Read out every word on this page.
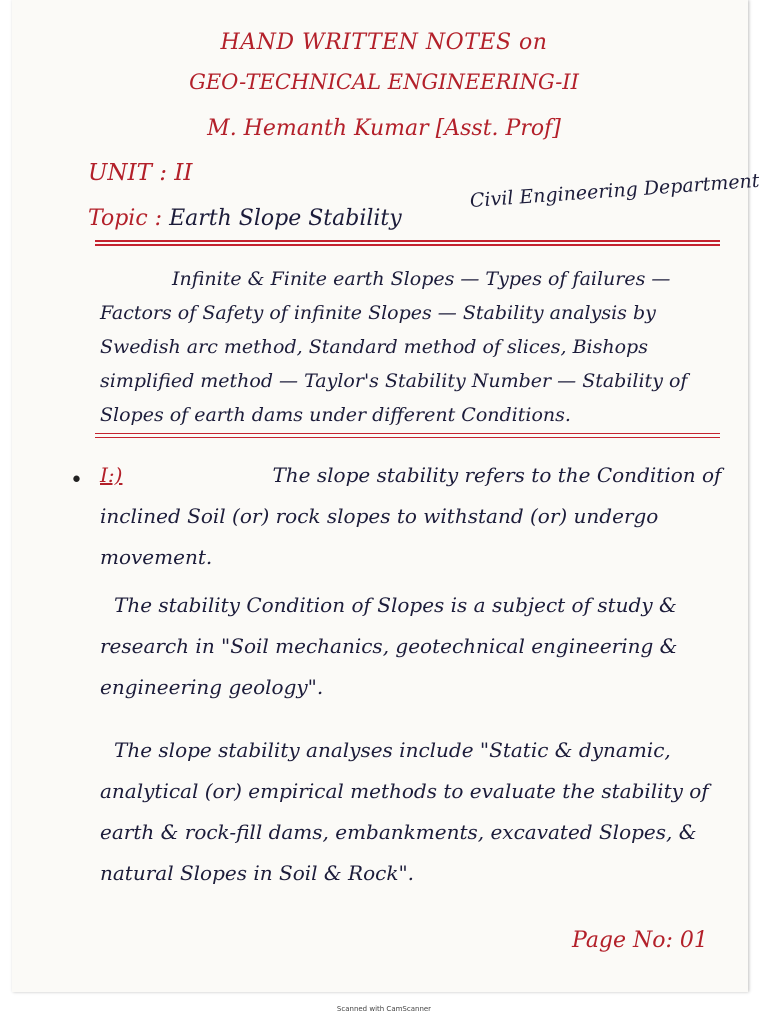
•
HAND WRITTEN NOTES on
GEO-TECHNICAL ENGINEERING-II
M. Hemanth Kumar [Asst. Prof]
UNIT : II
Topic : Earth Slope Stability
Civil Engineering Department
Infinite & Finite earth Slopes — Types of failures — Factors of Safety of infinite Slopes — Stability analysis by Swedish arc method, Standard method of slices, Bishops simplified method — Taylor's Stability Number — Stability of Slopes of earth dams under different Conditions.
I:)	The slope stability refers to the Condition of inclined Soil (or) rock slopes to withstand (or) undergo movement.
The stability Condition of Slopes is a subject of study & research in "Soil mechanics, geotechnical engineering & engineering geology".
The slope stability analyses include "Static & dynamic, analytical (or) empirical methods to evaluate the stability of earth & rock-fill dams, embankments, excavated Slopes, & natural Slopes in Soil & Rock".
Page No: 01
Scanned with CamScanner
